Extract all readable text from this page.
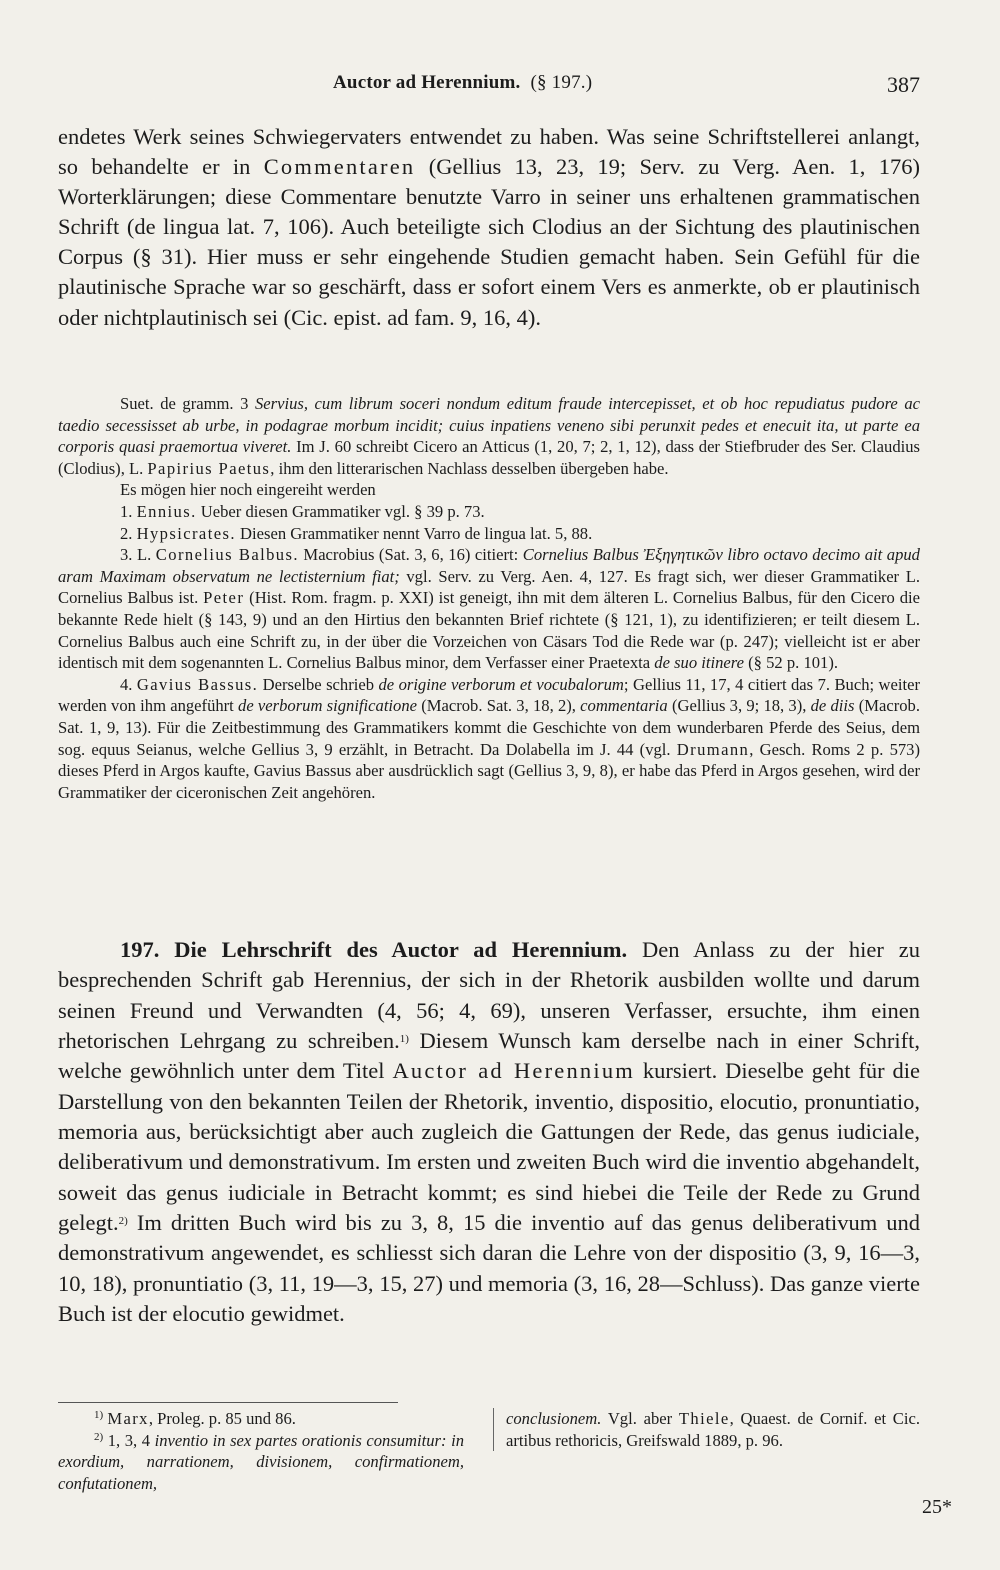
Auctor ad Herennium. (§ 197.)	387
endetes Werk seines Schwiegervaters entwendet zu haben. Was seine Schriftstellerei anlangt, so behandelte er in Commentaren (Gellius 13, 23, 19; Serv. zu Verg. Aen. 1, 176) Worterklärungen; diese Commentare benutzte Varro in seiner uns erhaltenen grammatischen Schrift (de lingua lat. 7, 106). Auch beteiligte sich Clodius an der Sichtung des plautinischen Corpus (§ 31). Hier muss er sehr eingehende Studien gemacht haben. Sein Gefühl für die plautinische Sprache war so geschärft, dass er sofort einem Vers es anmerkte, ob er plautinisch oder nichtplautinisch sei (Cic. epist. ad fam. 9, 16, 4).

Suet. de gramm. 3 Servius, cum librum soceri nondum editum fraude intercepisset, et ob hoc repudiatus pudore ac taedio secessisset ab urbe, in podagrae morbum incidit; cuius inpatiens veneno sibi perunxit pedes et enecuit ita, ut parte ea corporis quasi praemortua viveret. Im J. 60 schreibt Cicero an Atticus (1, 20, 7; 2, 1, 12), dass der Stiefbruder des Ser. Claudius (Clodius), L. Papirius Paetus, ihm den litterarischen Nachlass desselben übergeben habe.

Es mögen hier noch eingereiht werden

1. Ennius. Ueber diesen Grammatiker vgl. § 39 p. 73.

2. Hypsicrates. Diesen Grammatiker nennt Varro de lingua lat. 5, 88.

3. L. Cornelius Balbus. Macrobius (Sat. 3, 6, 16) citiert: Cornelius Balbus Ἐξηγητικῶν libro octavo decimo ait apud aram Maximam observatum ne lectisternium fiat; vgl. Serv. zu Verg. Aen. 4, 127. Es fragt sich, wer dieser Grammatiker L. Cornelius Balbus ist. Peter (Hist. Rom. fragm. p. XXI) ist geneigt, ihn mit dem älteren L. Cornelius Balbus, für den Cicero die bekannte Rede hielt (§ 143, 9) und an den Hirtius den bekannten Brief richtete (§ 121, 1), zu identifizieren; er teilt diesem L. Cornelius Balbus auch eine Schrift zu, in der über die Vorzeichen von Cäsars Tod die Rede war (p. 247); vielleicht ist er aber identisch mit dem sogenannten L. Cornelius Balbus minor, dem Verfasser einer Praetexta de suo itinere (§ 52 p. 101).

4. Gavius Bassus. Derselbe schrieb de origine verborum et vocubalorum; Gellius 11, 17, 4 citiert das 7. Buch; weiter werden von ihm angeführt de verborum significatione (Macrob. Sat. 3, 18, 2), commentaria (Gellius 3, 9; 18, 3), de diis (Macrob. Sat. 1, 9, 13). Für die Zeitbestimmung des Grammatikers kommt die Geschichte von dem wunderbaren Pferde des Seius, dem sog. equus Seianus, welche Gellius 3, 9 erzählt, in Betracht. Da Dolabella im J. 44 (vgl. Drumann, Gesch. Roms 2 p. 573) dieses Pferd in Argos kaufte, Gavius Bassus aber ausdrücklich sagt (Gellius 3, 9, 8), er habe das Pferd in Argos gesehen, wird der Grammatiker der ciceronischen Zeit angehören.

197. Die Lehrschrift des Auctor ad Herennium. Den Anlass zu der hier zu besprechenden Schrift gab Herennius, der sich in der Rhetorik ausbilden wollte und darum seinen Freund und Verwandten (4, 56; 4, 69), unseren Verfasser, ersuchte, ihm einen rhetorischen Lehrgang zu schreiben.$^{1)}$ Diesem Wunsch kam derselbe nach in einer Schrift, welche gewöhnlich unter dem Titel Auctor ad Herennium kursiert. Dieselbe geht für die Darstellung von den bekannten Teilen der Rhetorik, inventio, dispositio, elocutio, pronuntiatio, memoria aus, berücksichtigt aber auch zugleich die Gattungen der Rede, das genus iudiciale, deliberativum und demonstrativum. Im ersten und zweiten Buch wird die inventio abgehandelt, soweit das genus iudiciale in Betracht kommt; es sind hiebei die Teile der Rede zu Grund gelegt.$^{2)}$ Im dritten Buch wird bis zu 3, 8, 15 die inventio auf das genus deliberativum und demonstrativum angewendet, es schliesst sich daran die Lehre von der dispositio (3, 9, 16—3, 10, 18), pronuntiatio (3, 11, 19—3, 15, 27) und memoria (3, 16, 28—Schluss). Das ganze vierte Buch ist der elocutio gewidmet.

$^{1)}$ Marx, Proleg. p. 85 und 86.

$^{2)}$ 1, 3, 4 inventio in sex partes orationis consumitur: in exordium, narrationem, divisionem, confirmationem, confutationem,

conclusionem. Vgl. aber Thiele, Quaest. de Cornif. et Cic. artibus rethoricis, Greifswald 1889, p. 96.
25*
